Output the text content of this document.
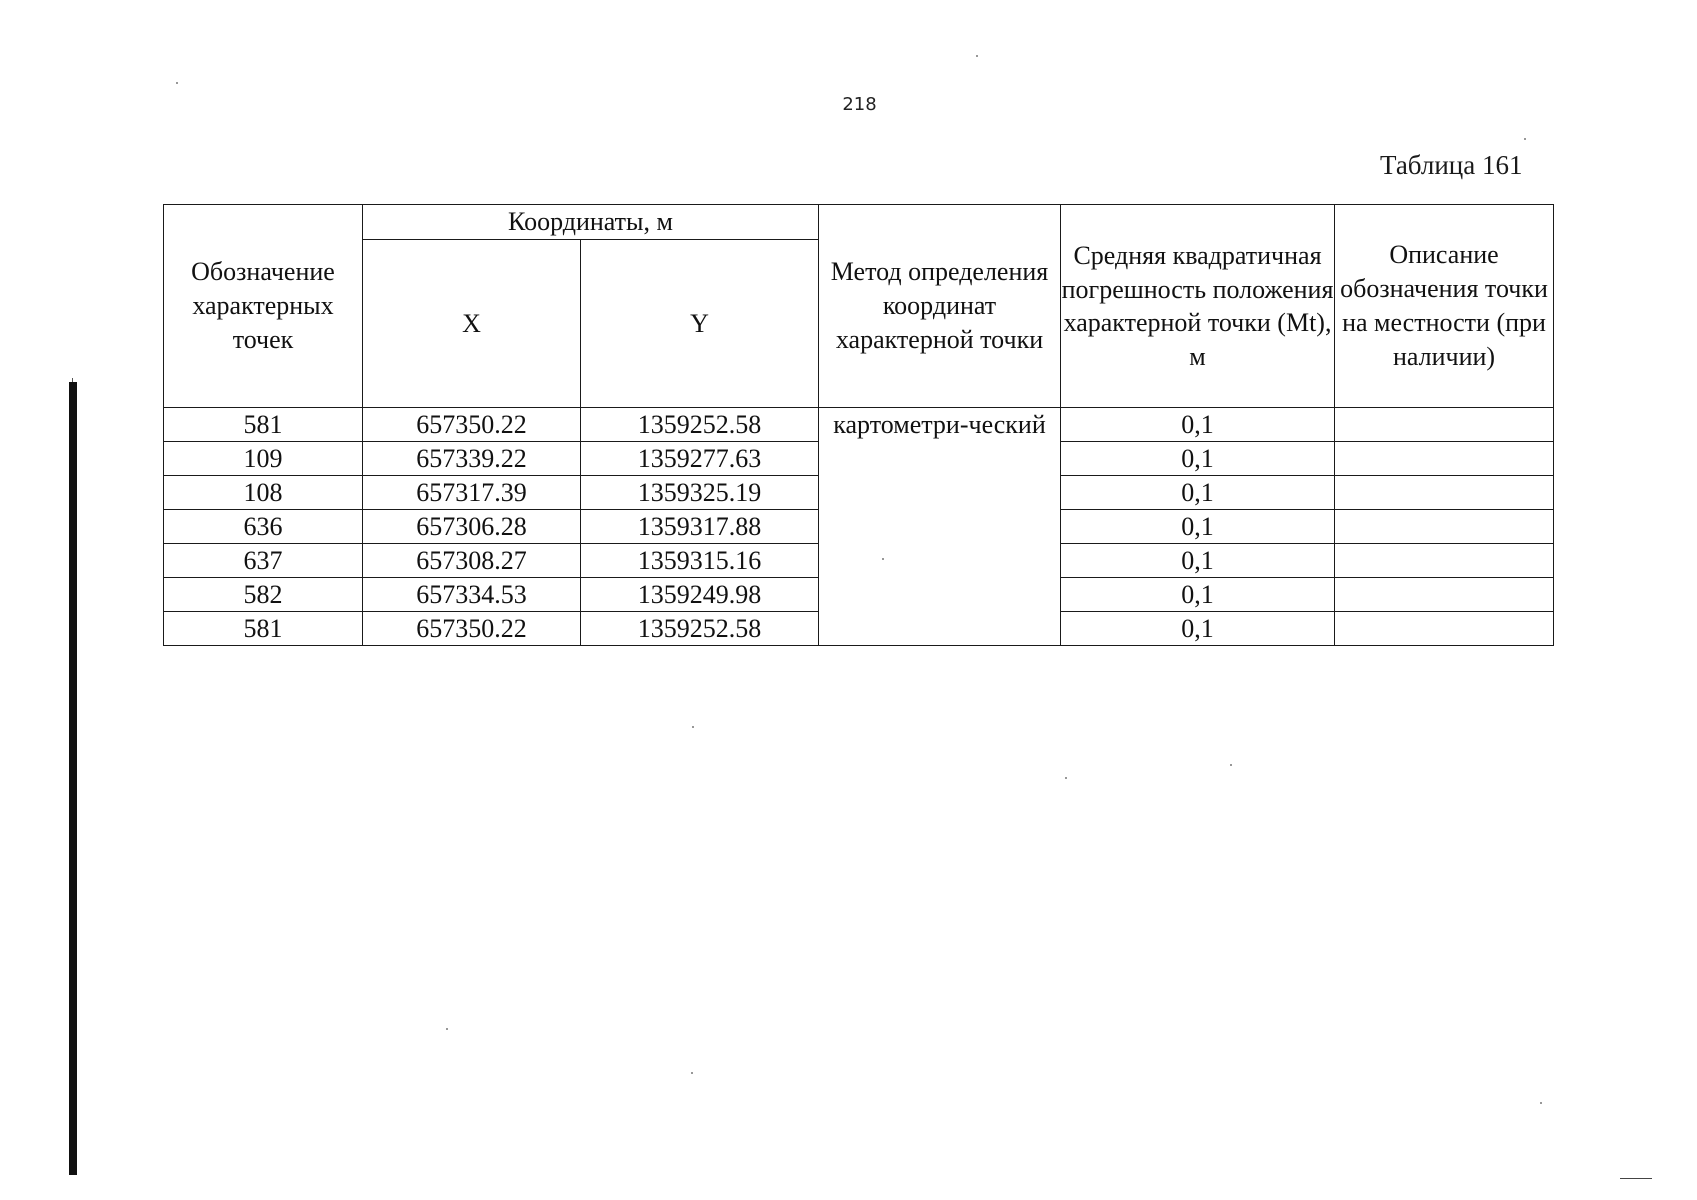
218
Таблица 161
Обозначение характерных точек	Координаты, м		Метод определения координат характерной точки	Средняя квадратичная погрешность положения характерной точки (Mt), м	Описание обозначения точки на местности (при наличии)
	X	Y			
581	657350.22	1359252.58	картометри-ческий	0,1	
109	657339.22	1359277.63		0,1	
108	657317.39	1359325.19		0,1	
636	657306.28	1359317.88		0,1	
637	657308.27	1359315.16		0,1	
582	657334.53	1359249.98		0,1	
581	657350.22	1359252.58		0,1	
